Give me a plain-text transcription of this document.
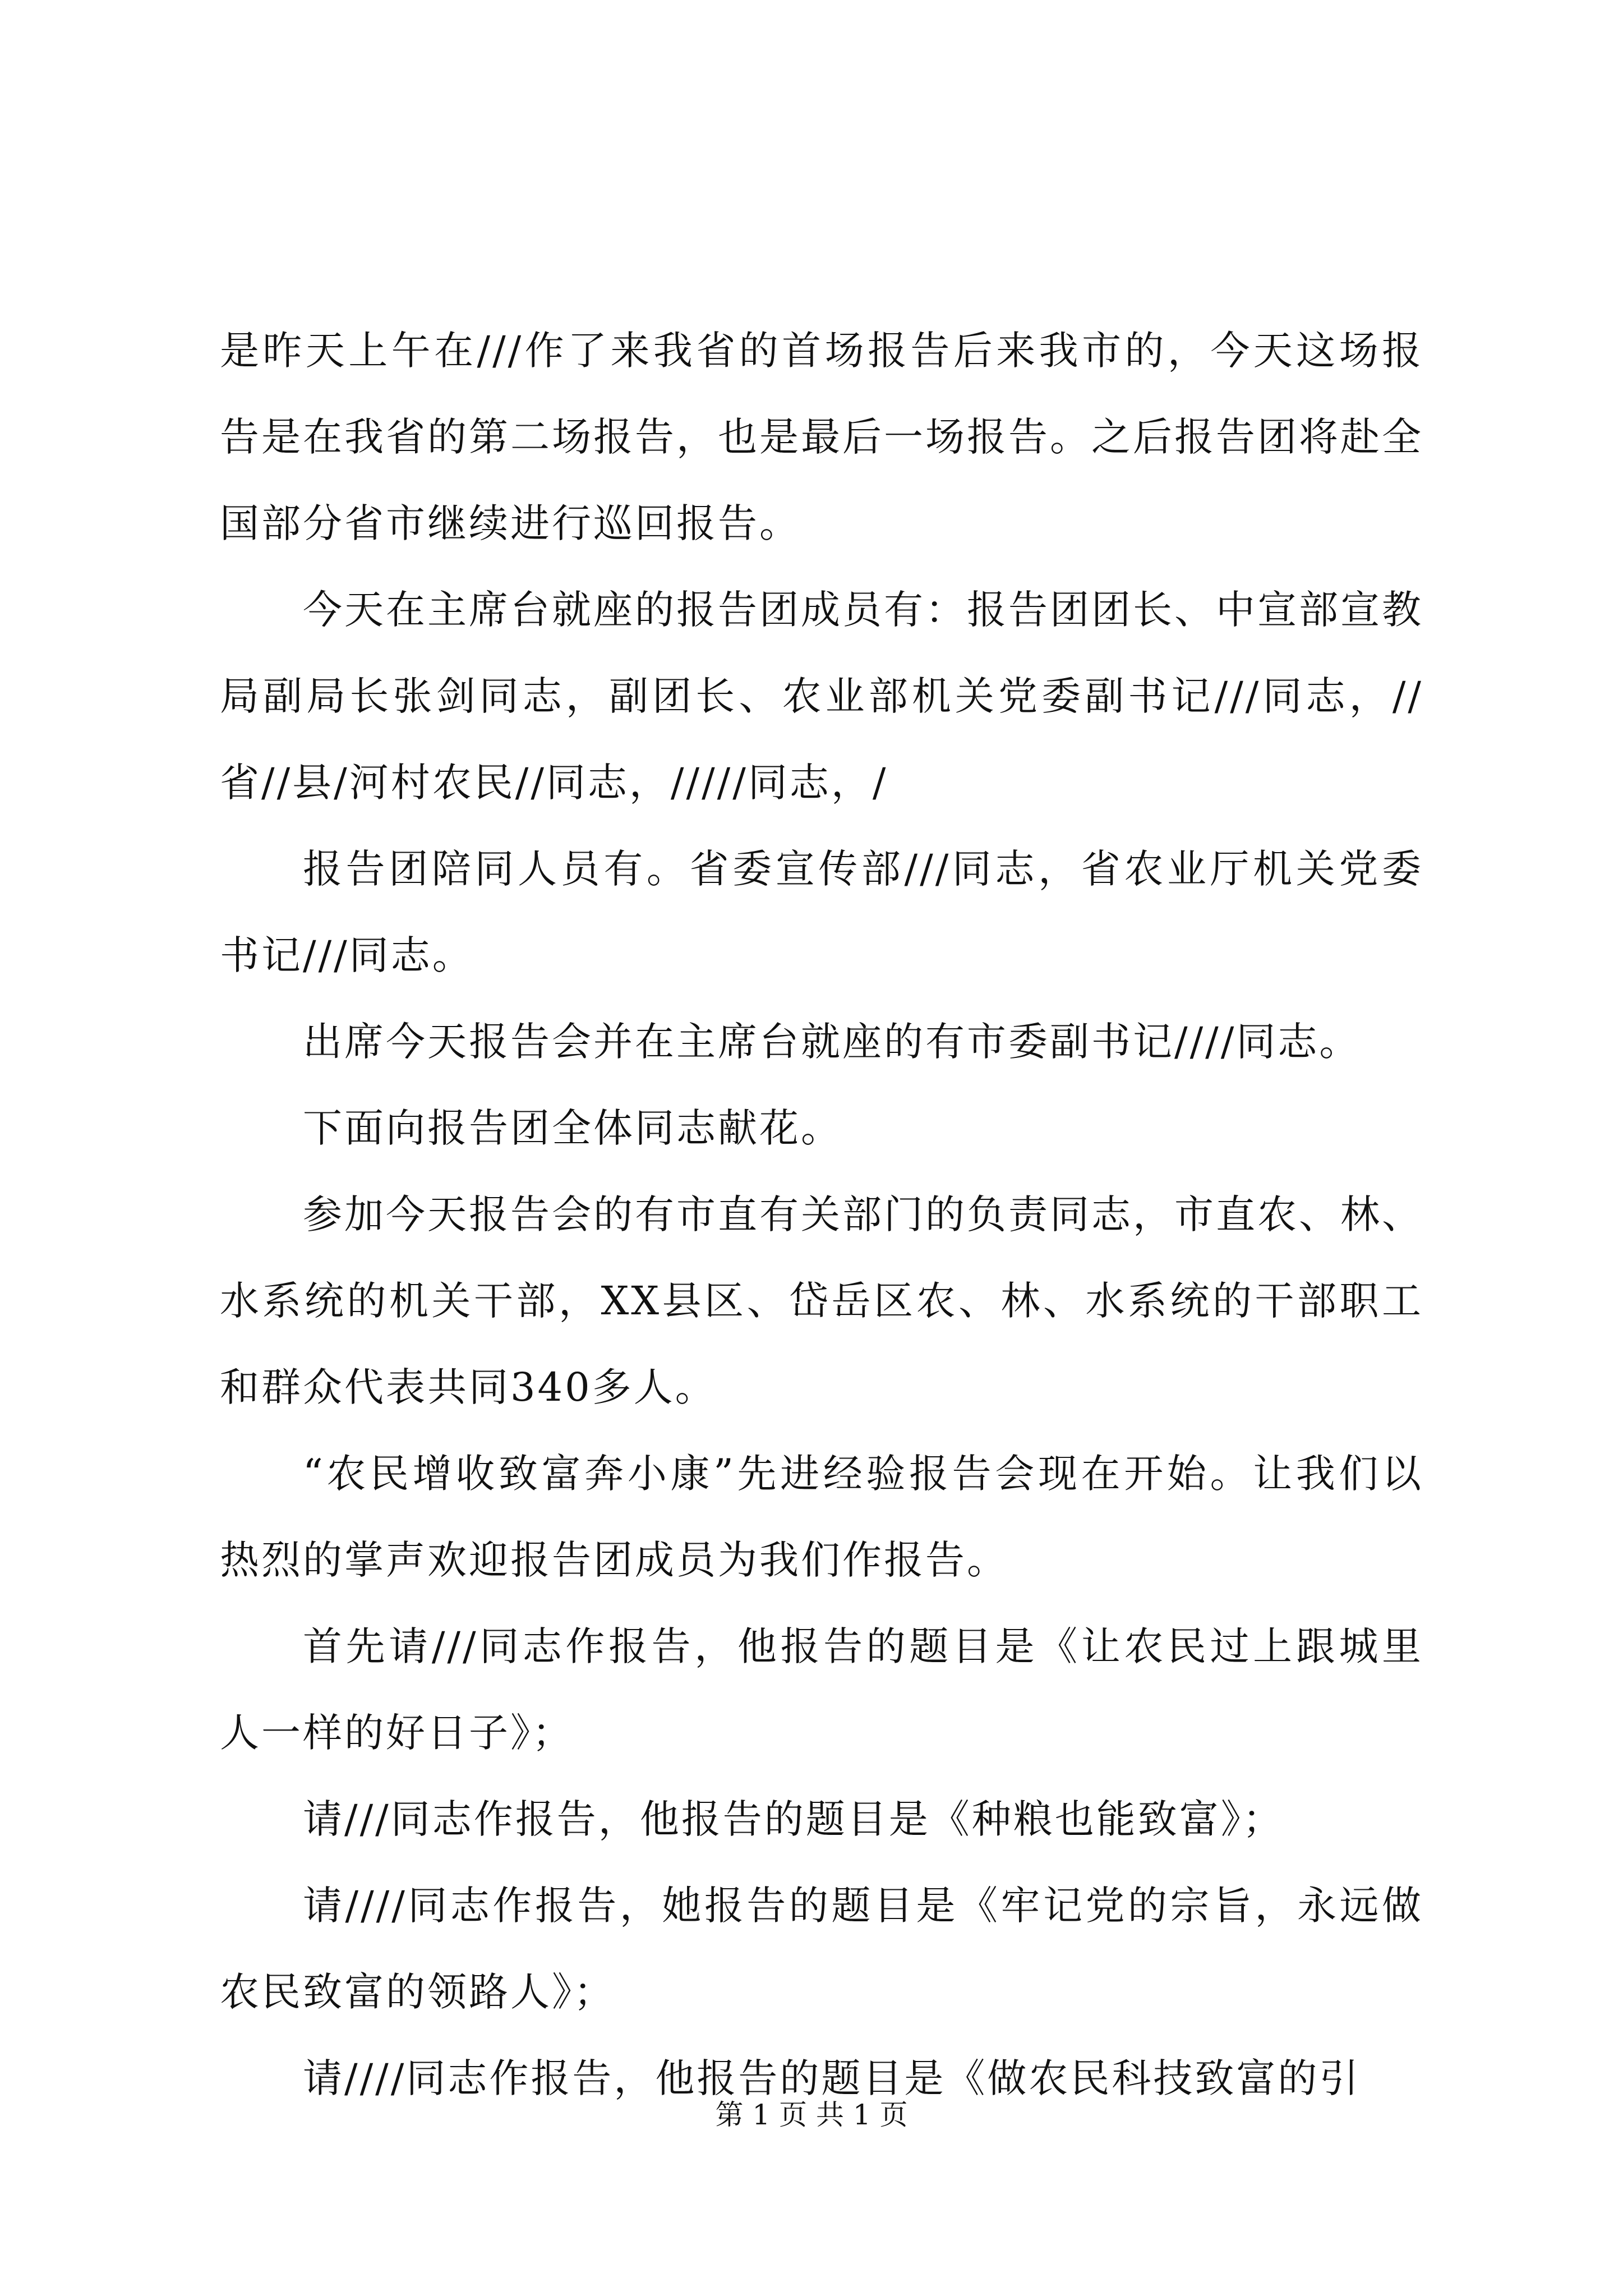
是昨天上午在///作了来我省的首场报告后来我市的，今天这场报告是在我省的第二场报告，也是最后一场报告。之后报告团将赴全国部分省市继续进行巡回报告。

今天在主席台就座的报告团成员有：报告团团长、中宣部宣教局副局长张剑同志，副团长、农业部机关党委副书记///同志，//省//县/河村农民//同志，/////同志，/

报告团陪同人员有。省委宣传部///同志，省农业厅机关党委书记///同志。

出席今天报告会并在主席台就座的有市委副书记////同志。

下面向报告团全体同志献花。

参加今天报告会的有市直有关部门的负责同志，市直农、林、水系统的机关干部，XX县区、岱岳区农、林、水系统的干部职工和群众代表共同340多人。

“农民增收致富奔小康”先进经验报告会现在开始。让我们以热烈的掌声欢迎报告团成员为我们作报告。

首先请///同志作报告，他报告的题目是《让农民过上跟城里人一样的好日子》；

请///同志作报告，他报告的题目是《种粮也能致富》；

请////同志作报告，她报告的题目是《牢记党的宗旨，永远做农民致富的领路人》；

请////同志作报告，他报告的题目是《做农民科技致富的引

第 1 页 共 1 页
